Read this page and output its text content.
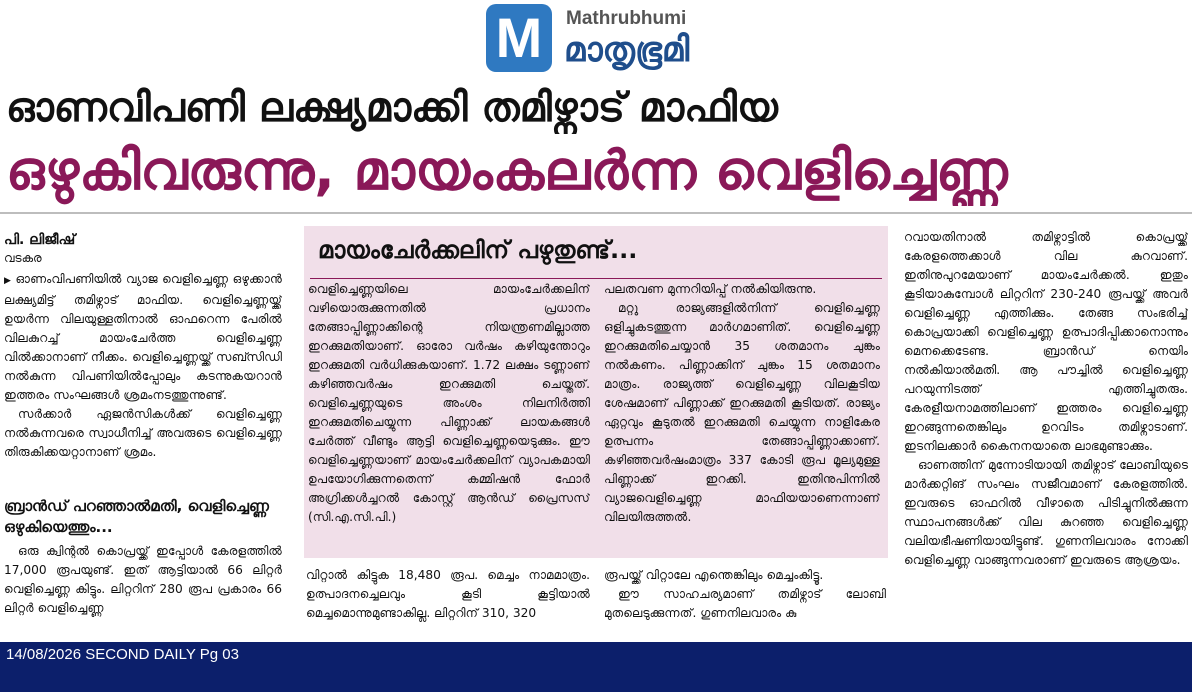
M	Mathrubhumi
മാതൃഭൂമി
ഓണവിപണി ലക്ഷ്യമാക്കി തമിഴ്നാട് മാഫിയ
ഒഴുകിവരുന്നു, മായംകലർന്ന വെളിച്ചെണ്ണ
പി. ലിജീഷ്
വടകര

▶ ഓണംവിപണിയിൽ വ്യാജ വെളിച്ചെണ്ണ ഒഴുക്കാൻ ലക്ഷ്യമിട്ട് തമിഴ്നാട് മാഫിയ. വെളിച്ചെണ്ണയ്ക്ക് ഉയർന്ന വിലയുള്ളതിനാൽ ഓഫറെന്ന പേരിൽ വിലകുറച്ച് മായംചേർത്ത വെളിച്ചെണ്ണ വിൽക്കാനാണ് നീക്കം. വെളിച്ചെണ്ണയ്ക്ക് സബ്സിഡി നൽകുന്ന വിപണിയിൽപ്പോലും കടന്നുകയറാൻ ഇത്തരം സംഘങ്ങൾ ശ്രമംനടത്തുന്നുണ്ട്.

സർക്കാർ ഏജൻസികൾക്ക് വെളിച്ചെണ്ണ നൽകുന്നവരെ സ്വാധീനിച്ച് അവരുടെ വെളിച്ചെണ്ണ തിരുകിക്കയറ്റാനാണ് ശ്രമം.

ബ്രാൻഡ് പറഞ്ഞാൽമതി, വെളിച്ചെണ്ണ ഒഴുകിയെത്തും...

ഒരു ക്വിന്റൽ കൊപ്രയ്ക്ക് ഇപ്പോൾ കേരളത്തിൽ 17,000 രൂപയുണ്ട്. ഇത് ആട്ടിയാൽ 66 ലിറ്റർ വെളിച്ചെണ്ണ കിട്ടും. ലിറ്ററിന് 280 രൂപ പ്രകാരം 66 ലിറ്റർ വെളിച്ചെണ്ണ

മായംചേർക്കലിന് പഴുതുണ്ട്...

വെളിച്ചെണ്ണയിലെ മായംചേർക്കലിന് വഴിയൊരുക്കുന്നതിൽ പ്രധാനം തേങ്ങാപ്പിണ്ണാക്കിന്റെ നിയന്ത്രണമില്ലാത്ത ഇറക്കുമതിയാണ്. ഓരോ വർഷം കഴിയുന്തോറും ഇറക്കുമതി വർധിക്കുകയാണ്. 1.72 ലക്ഷം ടണ്ണാണ് കഴിഞ്ഞവർഷം ഇറക്കുമതി ചെയ്തത്. വെളിച്ചെണ്ണയുടെ അംശം നിലനിർത്തി ഇറക്കുമതിചെയ്യുന്ന പിണ്ണാക്ക് ലായകങ്ങൾ ചേർത്ത് വീണ്ടും ആട്ടി വെളിച്ചെണ്ണയെടുക്കും. ഈ വെളിച്ചെണ്ണയാണ് മായംചേർക്കലിന് വ്യാപകമായി ഉപയോഗിക്കുന്നതെന്ന് കമ്മിഷൻ ഫോർ അഗ്രിക്കൾച്ചറൽ കോസ്റ്റ് ആൻഡ് പ്രൈസസ് (സി.എ.സി.പി.)

പലതവണ മുന്നറിയിപ്പ് നൽകിയിരുന്നു.

മറ്റു രാജ്യങ്ങളിൽനിന്ന് വെളിച്ചെണ്ണ ഒളിച്ചുകടത്തുന്ന മാർഗമാണിത്. വെളിച്ചെണ്ണ ഇറക്കുമതിചെയ്യാൻ 35 ശതമാനം ചുങ്കം നൽകണം. പിണ്ണാക്കിന് ചുങ്കം 15 ശതമാനം മാത്രം. രാജ്യത്ത് വെളിച്ചെണ്ണ വിലകൂടിയ ശേഷമാണ് പിണ്ണാക്ക് ഇറക്കുമതി കൂടിയത്. രാജ്യം ഏറ്റവും കൂടുതൽ ഇറക്കുമതി ചെയ്യുന്ന നാളികേര ഉത്പന്നം തേങ്ങാപ്പിണ്ണാക്കാണ്. കഴിഞ്ഞവർഷംമാത്രം 337 കോടി രൂപ മൂല്യമുള്ള പിണ്ണാക്ക് ഇറക്കി. ഇതിനുപിന്നിൽ വ്യാജവെളിച്ചെണ്ണ മാഫിയയാണെന്നാണ് വിലയിരുത്തൽ.

വിറ്റാൽ കിട്ടുക 18,480 രൂപ. മെച്ചം നാമമാത്രം. ഉത്പാദനച്ചെലവും കൂടി കൂട്ടിയാൽ മെച്ചമൊന്നുമുണ്ടാകില്ല. ലിറ്ററിന് 310, 320

രൂപയ്ക്ക് വിറ്റാലേ എന്തെങ്കിലും മെച്ചംകിട്ടൂ.

ഈ സാഹചര്യമാണ് തമിഴ്നാട് ലോബി മുതലെടുക്കുന്നത്. ഗുണനിലവാരം കു

റവായതിനാൽ തമിഴ്നാട്ടിൽ കൊപ്രയ്ക്ക് കേരളത്തെക്കാൾ വില കുറവാണ്. ഇതിനുപുറമേയാണ് മായംചേർക്കൽ. ഇതും കൂടിയാകുമ്പോൾ ലിറ്ററിന് 230-240 രൂപയ്ക്ക് അവർ വെളിച്ചെണ്ണ എത്തിക്കും. തേങ്ങ സംഭരിച്ച് കൊപ്രയാക്കി വെളിച്ചെണ്ണ ഉത്പാദിപ്പിക്കാനൊന്നും മെനക്കെടേണ്ട. ബ്രാൻഡ് നെയിം നൽകിയാൽമതി. ആ പൗച്ചിൽ വെളിച്ചെണ്ണ പറയുന്നിടത്ത് എത്തിച്ചുതരും. കേരളീയനാമത്തിലാണ് ഇത്തരം വെളിച്ചെണ്ണ ഇറങ്ങുന്നതെങ്കിലും ഉറവിടം തമിഴ്നാടാണ്. ഇടനിലക്കാർ കൈനനയാതെ ലാഭമുണ്ടാക്കും.

ഓണത്തിന് മുന്നോടിയായി തമിഴ്നാട് ലോബിയുടെ മാർക്കറ്റിങ് സംഘം സജീവമാണ് കേരളത്തിൽ. ഇവരുടെ ഓഫറിൽ വീഴാതെ പിടിച്ചുനിൽക്കുന്ന സ്ഥാപനങ്ങൾക്ക് വില കുറഞ്ഞ വെളിച്ചെണ്ണ വലിയഭീഷണിയായിട്ടുണ്ട്. ഗുണനിലവാരം നോക്കി വെളിച്ചെണ്ണ വാങ്ങുന്നവരാണ് ഇവരുടെ ആശ്രയം.

14/08/2026 SECOND DAILY Pg 03
